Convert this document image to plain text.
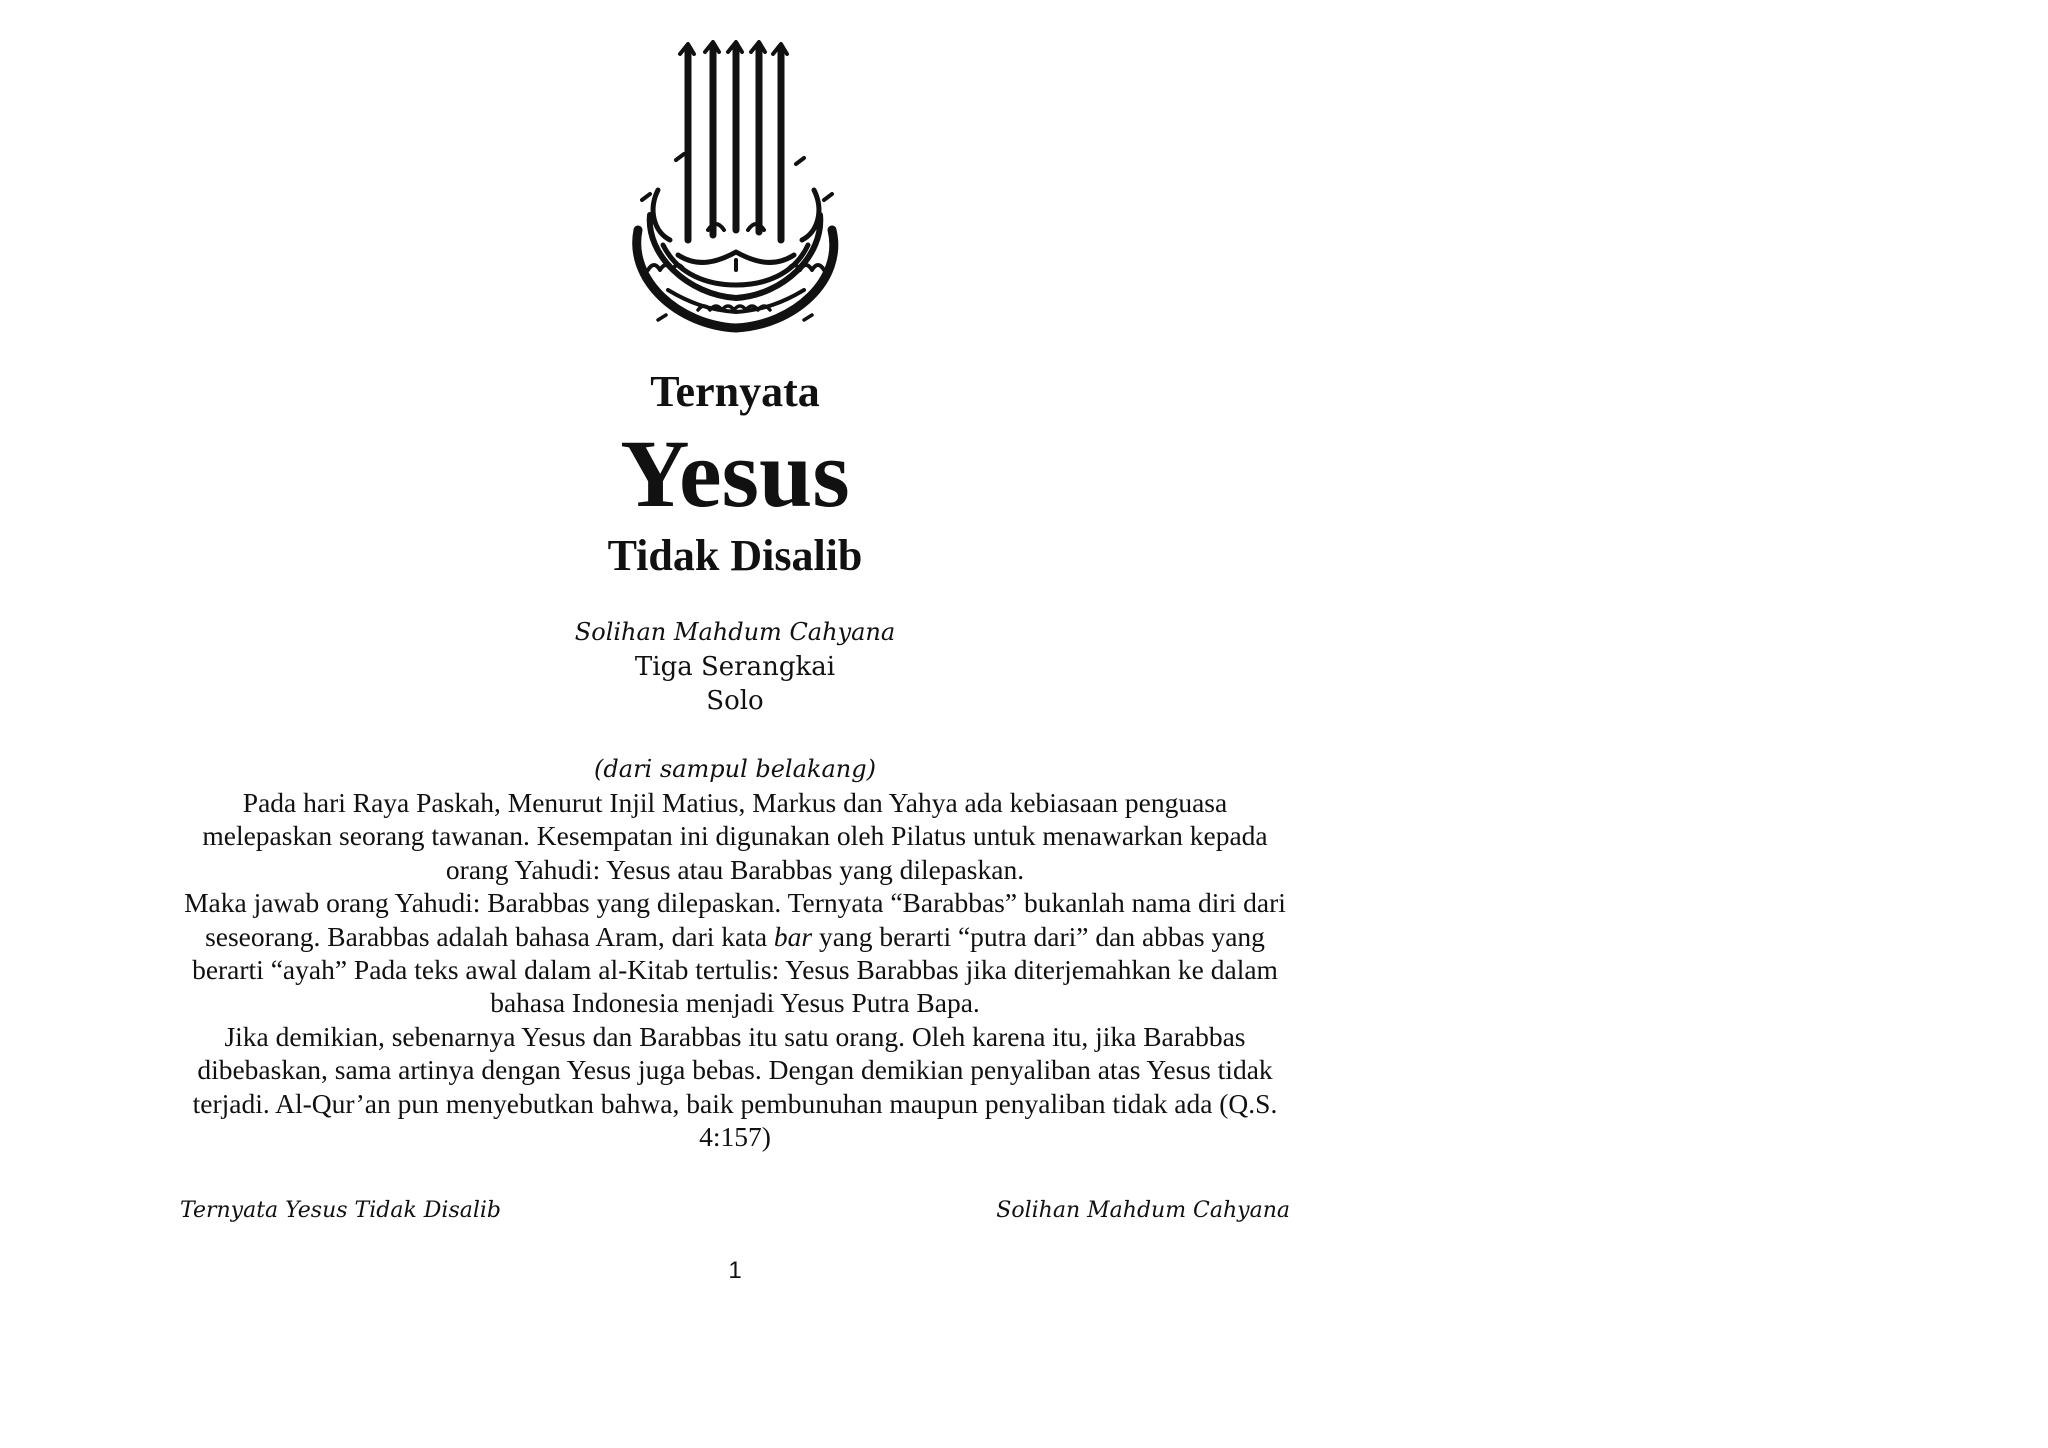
Ternyata
Yesus
Tidak Disalib
Solihan Mahdum Cahyana
Tiga Serangkai
Solo
(dari sampul belakang)

Pada hari Raya Paskah, Menurut Injil Matius, Markus dan Yahya ada kebiasaan penguasa melepaskan seorang tawanan. Kesempatan ini digunakan oleh Pilatus untuk menawarkan kepada orang Yahudi: Yesus atau Barabbas yang dilepaskan.

Maka jawab orang Yahudi: Barabbas yang dilepaskan. Ternyata “Barabbas” bukanlah nama diri dari seseorang. Barabbas adalah bahasa Aram, dari kata bar yang berarti “putra dari” dan abbas yang berarti “ayah” Pada teks awal dalam al-Kitab tertulis: Yesus Barabbas jika diterjemahkan ke dalam bahasa Indonesia menjadi Yesus Putra Bapa.

Jika demikian, sebenarnya Yesus dan Barabbas itu satu orang. Oleh karena itu, jika Barabbas dibebaskan, sama artinya dengan Yesus juga bebas. Dengan demikian penyaliban atas Yesus tidak terjadi. Al-Qur’an pun menyebutkan bahwa, baik pembunuhan maupun penyaliban tidak ada (Q.S. 4:157)

Ternyata Yesus Tidak Disalib	Solihan Mahdum Cahyana
1
